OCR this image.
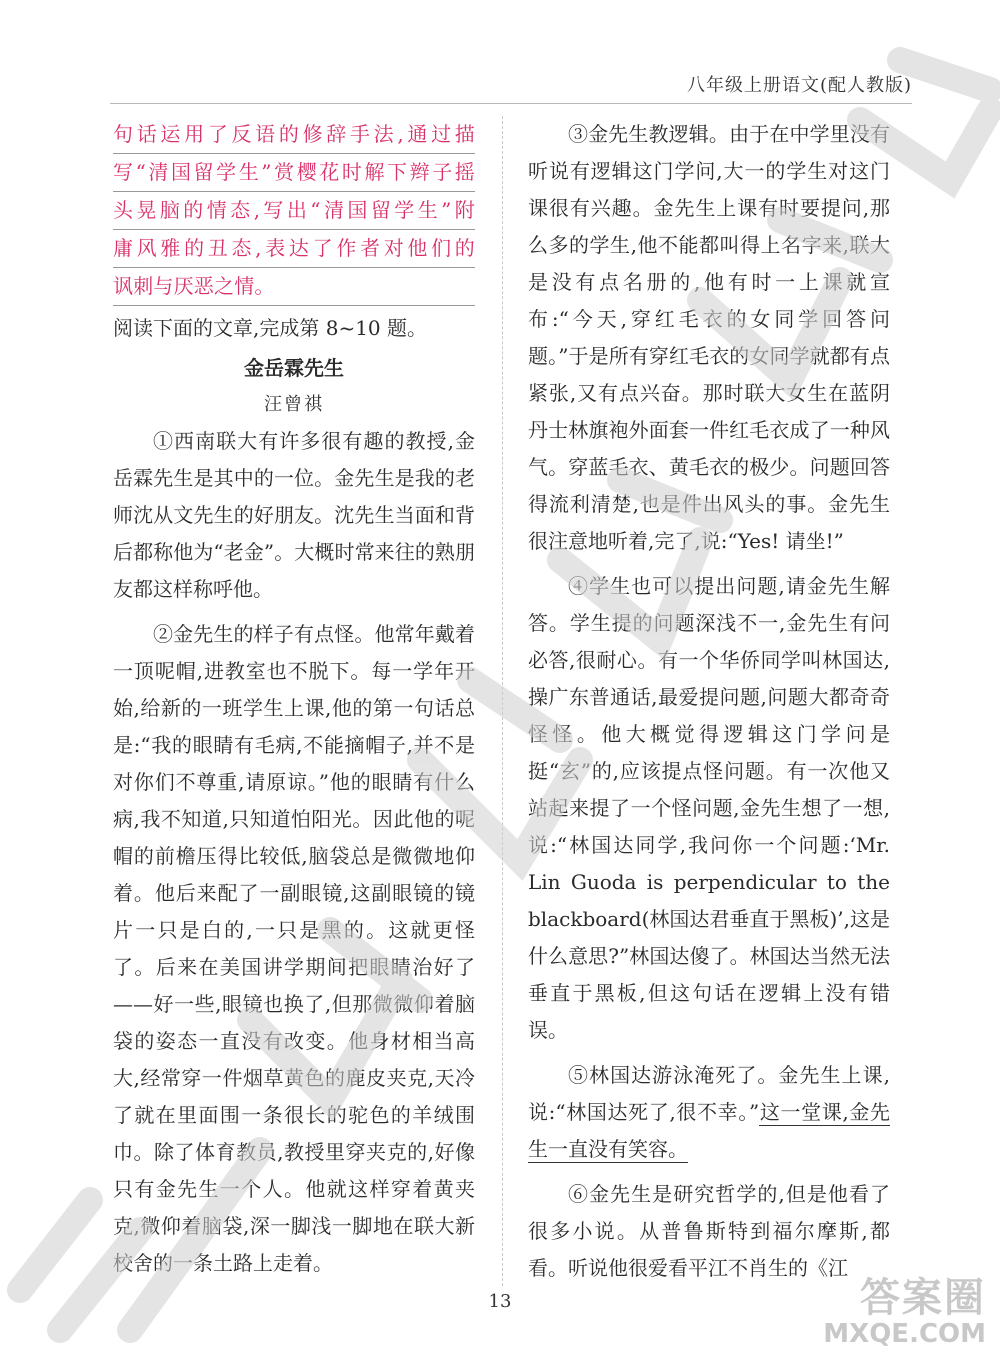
八年级上册语文(配人教版)
句话运用了反语的修辞手法,通过描
写“清国留学生”赏樱花时解下辫子摇
头晃脑的情态,写出“清国留学生”附
庸风雅的丑态,表达了作者对他们的
讽刺与厌恶之情。

阅读下面的文章,完成第 8~10 题。

金岳霖先生

汪曾祺

①西南联大有许多很有趣的教授,金岳霖先生是其中的一位。金先生是我的老师沈从文先生的好朋友。沈先生当面和背后都称他为“老金”。大概时常来往的熟朋友都这样称呼他。

②金先生的样子有点怪。他常年戴着一顶呢帽,进教室也不脱下。每一学年开始,给新的一班学生上课,他的第一句话总是:“我的眼睛有毛病,不能摘帽子,并不是对你们不尊重,请原谅。”他的眼睛有什么病,我不知道,只知道怕阳光。因此他的呢帽的前檐压得比较低,脑袋总是微微地仰着。他后来配了一副眼镜,这副眼镜的镜片一只是白的,一只是黑的。这就更怪了。后来在美国讲学期间把眼睛治好了——好一些,眼镜也换了,但那微微仰着脑袋的姿态一直没有改变。他身材相当高大,经常穿一件烟草黄色的鹿皮夹克,天冷了就在里面围一条很长的驼色的羊绒围巾。除了体育教员,教授里穿夹克的,好像只有金先生一个人。他就这样穿着黄夹克,微仰着脑袋,深一脚浅一脚地在联大新校舍的一条土路上走着。

③金先生教逻辑。由于在中学里没有听说有逻辑这门学问,大一的学生对这门课很有兴趣。金先生上课有时要提问,那么多的学生,他不能都叫得上名字来,联大是没有点名册的,他有时一上课就宣布:“今天,穿红毛衣的女同学回答问题。”于是所有穿红毛衣的女同学就都有点紧张,又有点兴奋。那时联大女生在蓝阴丹士林旗袍外面套一件红毛衣成了一种风气。穿蓝毛衣、黄毛衣的极少。问题回答得流利清楚,也是件出风头的事。金先生很注意地听着,完了,说:“Yes! 请坐!”

④学生也可以提出问题,请金先生解答。学生提的问题深浅不一,金先生有问必答,很耐心。有一个华侨同学叫林国达,操广东普通话,最爱提问题,问题大都奇奇怪怪。他大概觉得逻辑这门学问是挺“玄”的,应该提点怪问题。有一次他又站起来提了一个怪问题,金先生想了一想,说:“林国达同学,我问你一个问题:‘Mr. Lin Guoda is perpendicular to the blackboard(林国达君垂直于黑板)’,这是什么意思?”林国达傻了。林国达当然无法垂直于黑板,但这句话在逻辑上没有错误。

⑤林国达游泳淹死了。金先生上课,说:“林国达死了,很不幸。”这一堂课,金先生一直没有笑容。

⑥金先生是研究哲学的,但是他看了很多小说。从普鲁斯特到福尔摩斯,都看。听说他很爱看平江不肖生的《江

13	答案圈
MXQE.COM
